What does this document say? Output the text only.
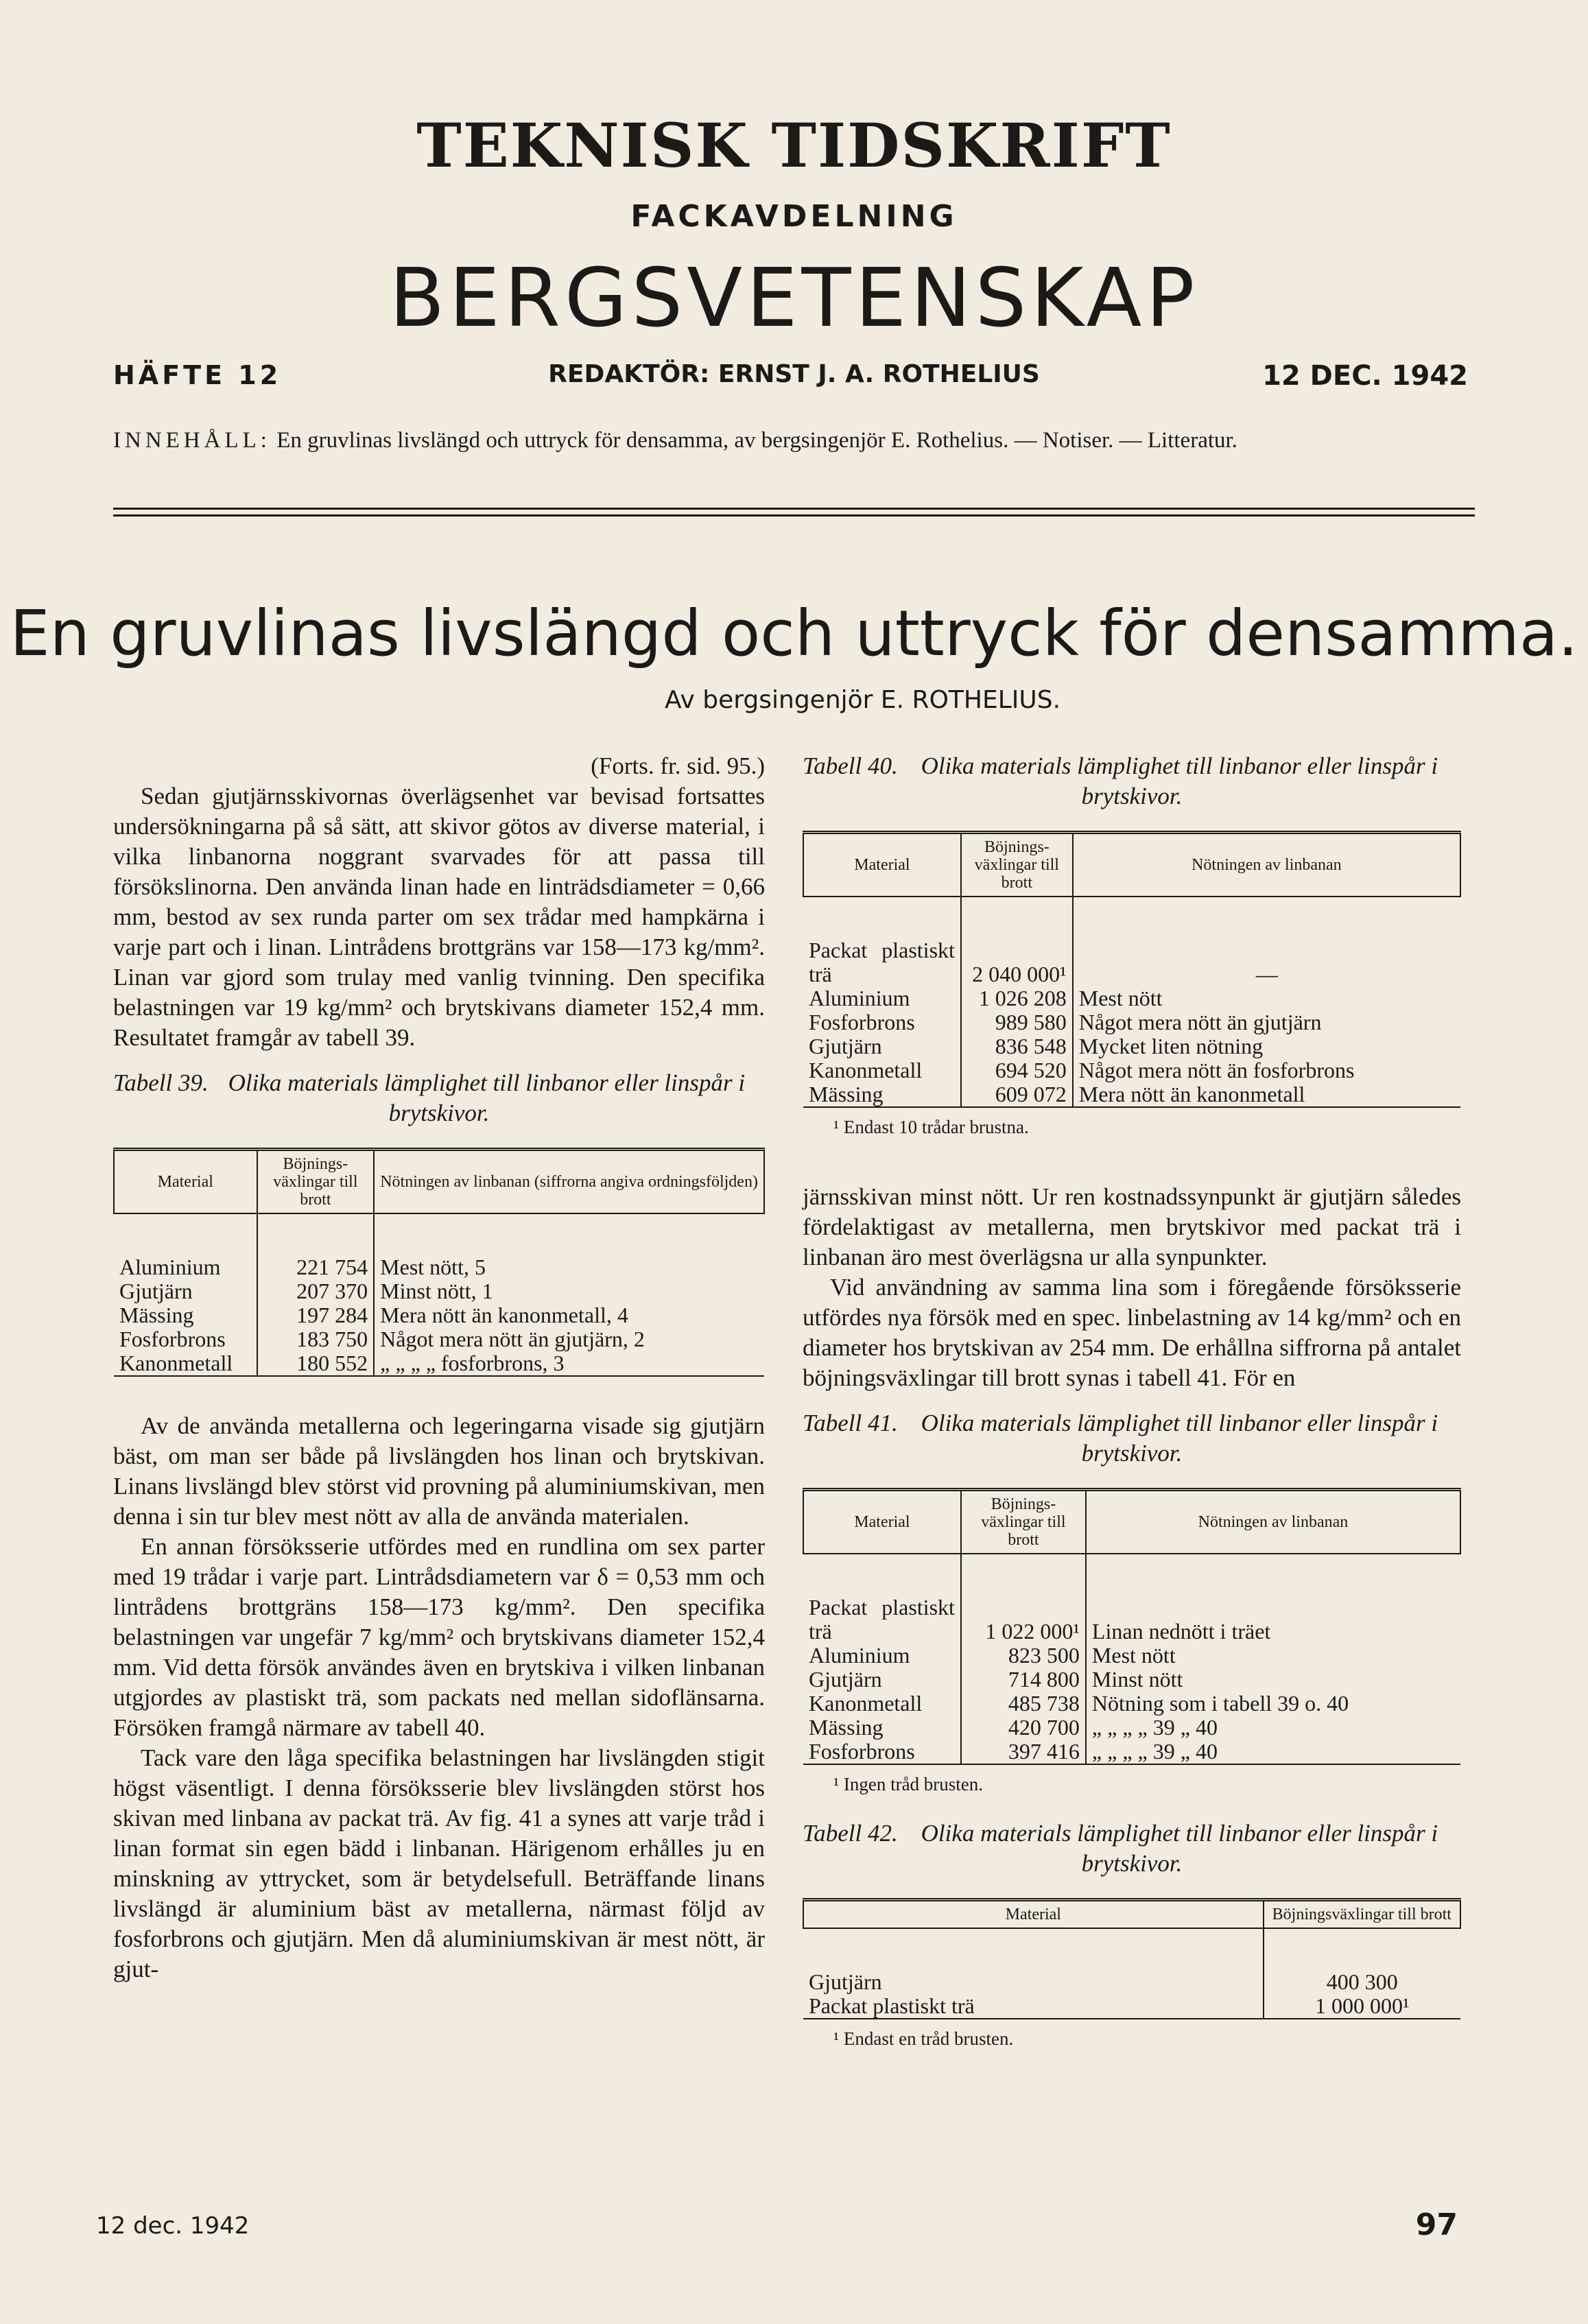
TEKNISK TIDSKRIFT
FACKAVDELNING
BERGSVETENSKAP
HÄFTE 12	REDAKTÖR: ERNST J. A. ROTHELIUS	12 DEC. 1942
INNEHÅLL: En gruvlinas livslängd och uttryck för densamma, av bergsingenjör E. Rothelius. — Notiser. — Litteratur.
En gruvlinas livslängd och uttryck för densamma.
Av bergsingenjör E. ROTHELIUS.
(Forts. fr. sid. 95.)

Sedan gjutjärnsskivornas överlägsenhet var bevisad fortsattes undersökningarna på så sätt, att skivor götos av diverse material, i vilka linbanorna noggrant svarvades för att passa till försökslinorna. Den använda linan hade en linträdsdiameter = 0,66 mm, bestod av sex runda parter om sex trådar med hampkärna i varje part och i linan. Lintrådens brottgräns var 158—173 kg/mm². Linan var gjord som trulay med vanlig tvinning. Den specifika belastningen var 19 kg/mm² och brytskivans diameter 152,4 mm. Resultatet framgår av tabell 39.

Tabell 39. Olika materials lämplighet till linbanor eller linspår i brytskivor.
Material	Böjnings-växlingar till brott	Nötningen av linbanan (siffrorna angiva ordningsföljden)

Aluminium	221 754	Mest nött, 5
Gjutjärn	207 370	Minst nött, 1
Mässing	197 284	Mera nött än kanonmetall, 4
Fosforbrons	183 750	Något mera nött än gjutjärn, 2
Kanonmetall	180 552	„ „ „ „ fosforbrons, 3

Av de använda metallerna och legeringarna visade sig gjutjärn bäst, om man ser både på livslängden hos linan och brytskivan. Linans livslängd blev störst vid provning på aluminiumskivan, men denna i sin tur blev mest nött av alla de använda materialen.

En annan försöksserie utfördes med en rundlina om sex parter med 19 trådar i varje part. Lintrådsdiametern var δ = 0,53 mm och lintrådens brottgräns 158—173 kg/mm². Den specifika belastningen var ungefär 7 kg/mm² och brytskivans diameter 152,4 mm. Vid detta försök användes även en brytskiva i vilken linbanan utgjordes av plastiskt trä, som packats ned mellan sidoflänsarna. Försöken framgå närmare av tabell 40.

Tack vare den låga specifika belastningen har livslängden stigit högst väsentligt. I denna försöksserie blev livslängden störst hos skivan med linbana av packat trä. Av fig. 41 a synes att varje tråd i linan format sin egen bädd i linbanan. Härigenom erhålles ju en minskning av yttrycket, som är betydelsefull. Beträffande linans livslängd är aluminium bäst av metallerna, närmast följd av fosforbrons och gjutjärn. Men då aluminiumskivan är mest nött, är gjut-

Tabell 40. Olika materials lämplighet till linbanor eller linspår i brytskivor.
Material	Böjnings-växlingar till brott	Nötningen av linbanan

Packat plastiskt trä	2 040 000¹	—
Aluminium	1 026 208	Mest nött
Fosforbrons	989 580	Något mera nött än gjutjärn
Gjutjärn	836 548	Mycket liten nötning
Kanonmetall	694 520	Något mera nött än fosforbrons
Mässing	609 072	Mera nött än kanonmetall
¹ Endast 10 trådar brustna.

järnsskivan minst nött. Ur ren kostnadssynpunkt är gjutjärn således fördelaktigast av metallerna, men brytskivor med packat trä i linbanan äro mest överlägsna ur alla synpunkter.

Vid användning av samma lina som i föregående försöksserie utfördes nya försök med en spec. linbelastning av 14 kg/mm² och en diameter hos brytskivan av 254 mm. De erhållna siffrorna på antalet böjningsväxlingar till brott synas i tabell 41. För en

Tabell 41. Olika materials lämplighet till linbanor eller linspår i brytskivor.
Material	Böjnings-växlingar till brott	Nötningen av linbanan

Packat plastiskt trä	1 022 000¹	Linan nednött i träet
Aluminium	823 500	Mest nött
Gjutjärn	714 800	Minst nött
Kanonmetall	485 738	Nötning som i tabell 39 o. 40
Mässing	420 700	„ „ „ „ 39 „ 40
Fosforbrons	397 416	„ „ „ „ 39 „ 40
¹ Ingen tråd brusten.
Tabell 42. Olika materials lämplighet till linbanor eller linspår i brytskivor.
Material	Böjningsväxlingar till brott

Gjutjärn	400 300
Packat plastiskt trä	1 000 000¹
¹ Endast en tråd brusten.
12 dec. 1942	97
